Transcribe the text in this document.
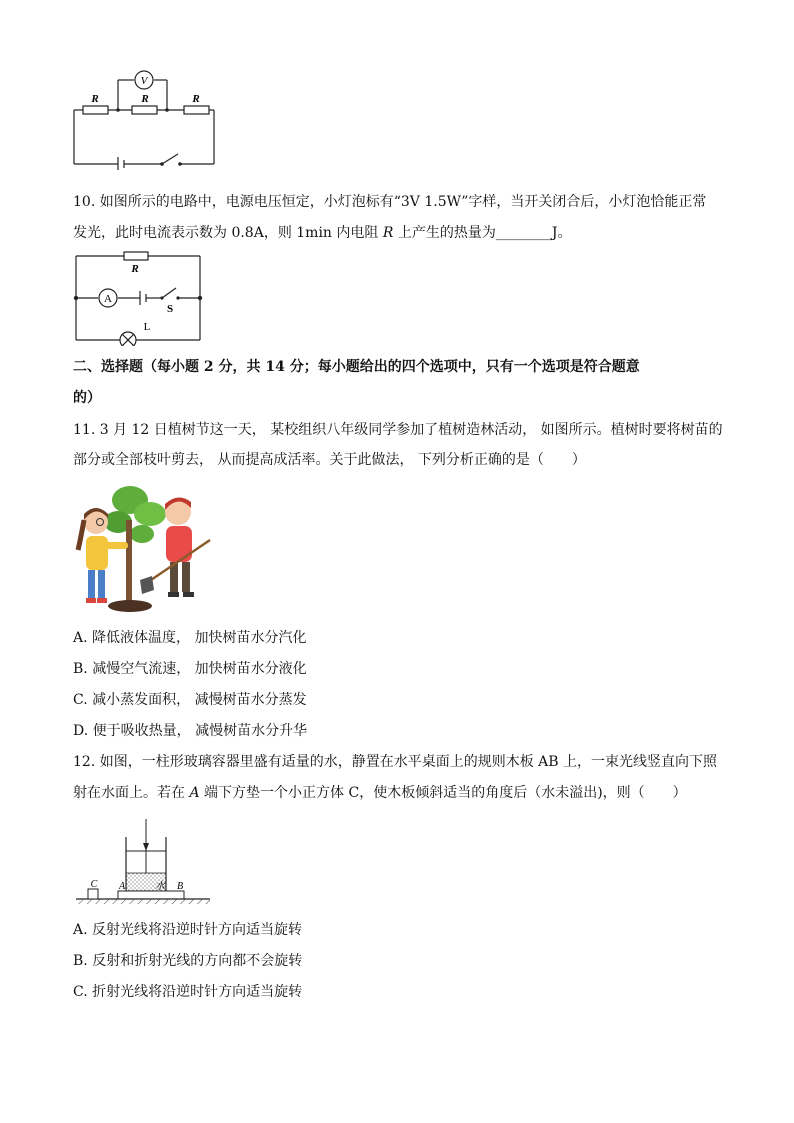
V
R	R	R
10. 如图所示的电路中，电源电压恒定，小灯泡标有“3V 1.5W”字样，当开关闭合后，小灯泡恰能正常
发光，此时电流表示数为 0.8A，则 1min 内电阻 R 上产生的热量为________J。
R
A
S
L
二、选择题（每小题 2 分，共 14 分；每小题给出的四个选项中，只有一个选项是符合题意
的）
11. 3 月 12 日植树节这一天， 某校组织八年级同学参加了植树造林活动， 如图所示。植树时要将树苗的
部分或全部枝叶剪去， 从而提高成活率。关于此做法， 下列分析正确的是（　　）
A. 降低液体温度， 加快树苗水分汽化
B. 减慢空气流速， 加快树苗水分液化
C. 减小蒸发面积， 减慢树苗水分蒸发
D. 便于吸收热量， 减慢树苗水分升华
12. 如图，一柱形玻璃容器里盛有适量的水，静置在水平桌面上的规则木板 AB 上，一束光线竖直向下照
射在水面上。若在 A 端下方垫一个小正方体 C，使木板倾斜适当的角度后（水未溢出)，则（　　）
C A	B
水
A. 反射光线将沿逆时针方向适当旋转
B. 反射和折射光线的方向都不会旋转
C. 折射光线将沿逆时针方向适当旋转
